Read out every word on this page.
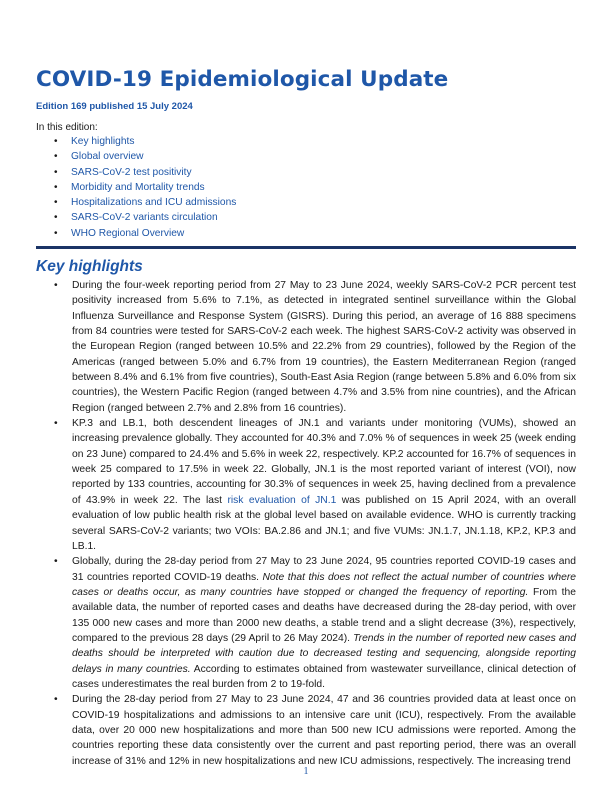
COVID-19 Epidemiological Update

Edition 169 published 15 July 2024

In this edition:

• Key highlights
• Global overview
• SARS-CoV-2 test positivity
• Morbidity and Mortality trends
• Hospitalizations and ICU admissions
• SARS-CoV-2 variants circulation
• WHO Regional Overview
Key highlights
• During the four-week reporting period from 27 May to 23 June 2024, weekly SARS-CoV-2 PCR percent test positivity increased from 5.6% to 7.1%, as detected in integrated sentinel surveillance within the Global Influenza Surveillance and Response System (GISRS). During this period, an average of 16 888 specimens from 84 countries were tested for SARS-CoV-2 each week. The highest SARS-CoV-2 activity was observed in the European Region (ranged between 10.5% and 22.2% from 29 countries), followed by the Region of the Americas (ranged between 5.0% and 6.7% from 19 countries), the Eastern Mediterranean Region (ranged between 8.4% and 6.1% from five countries), South-East Asia Region (range between 5.8% and 6.0% from six countries), the Western Pacific Region (ranged between 4.7% and 3.5% from nine countries), and the African Region (ranged between 2.7% and 2.8% from 16 countries).
• KP.3 and LB.1, both descendent lineages of JN.1 and variants under monitoring (VUMs), showed an increasing prevalence globally. They accounted for 40.3% and 7.0% % of sequences in week 25 (week ending on 23 June) compared to 24.4% and 5.6% in week 22, respectively. KP.2 accounted for 16.7% of sequences in week 25 compared to 17.5% in week 22. Globally, JN.1 is the most reported variant of interest (VOI), now reported by 133 countries, accounting for 30.3% of sequences in week 25, having declined from a prevalence of 43.9% in week 22. The last risk evaluation of JN.1 was published on 15 April 2024, with an overall evaluation of low public health risk at the global level based on available evidence. WHO is currently tracking several SARS-CoV-2 variants; two VOIs: BA.2.86 and JN.1; and five VUMs: JN.1.7, JN.1.18, KP.2, KP.3 and LB.1.
• Globally, during the 28-day period from 27 May to 23 June 2024, 95 countries reported COVID-19 cases and 31 countries reported COVID-19 deaths. Note that this does not reflect the actual number of countries where cases or deaths occur, as many countries have stopped or changed the frequency of reporting. From the available data, the number of reported cases and deaths have decreased during the 28-day period, with over 135 000 new cases and more than 2000 new deaths, a stable trend and a slight decrease (3%), respectively, compared to the previous 28 days (29 April to 26 May 2024). Trends in the number of reported new cases and deaths should be interpreted with caution due to decreased testing and sequencing, alongside reporting delays in many countries. According to estimates obtained from wastewater surveillance, clinical detection of cases underestimates the real burden from 2 to 19-fold.
• During the 28-day period from 27 May to 23 June 2024, 47 and 36 countries provided data at least once on COVID-19 hospitalizations and admissions to an intensive care unit (ICU), respectively. From the available data, over 20 000 new hospitalizations and more than 500 new ICU admissions were reported. Among the countries reporting these data consistently over the current and past reporting period, there was an overall increase of 31% and 12% in new hospitalizations and new ICU admissions, respectively. The increasing trend
1
